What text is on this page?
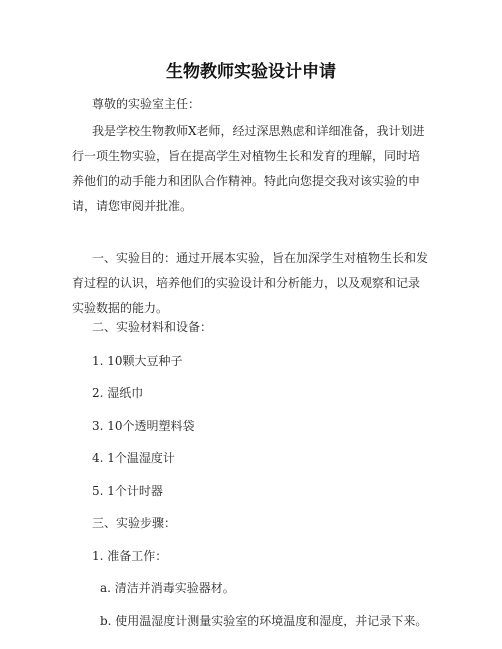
生物教师实验设计申请
尊敬的实验室主任：
我是学校生物教师X老师，经过深思熟虑和详细准备，我计划进行一项生物实验，旨在提高学生对植物生长和发育的理解，同时培养他们的动手能力和团队合作精神。特此向您提交我对该实验的申请，请您审阅并批准。
一、实验目的：通过开展本实验，旨在加深学生对植物生长和发育过程的认识，培养他们的实验设计和分析能力，以及观察和记录实验数据的能力。
二、实验材料和设备：
1. 10颗大豆种子
2. 湿纸巾
3. 10个透明塑料袋
4. 1个温湿度计
5. 1个计时器
三、实验步骤：
1. 准备工作：
a. 清洁并消毒实验器材。
b. 使用温湿度计测量实验室的环境温度和湿度，并记录下来。
